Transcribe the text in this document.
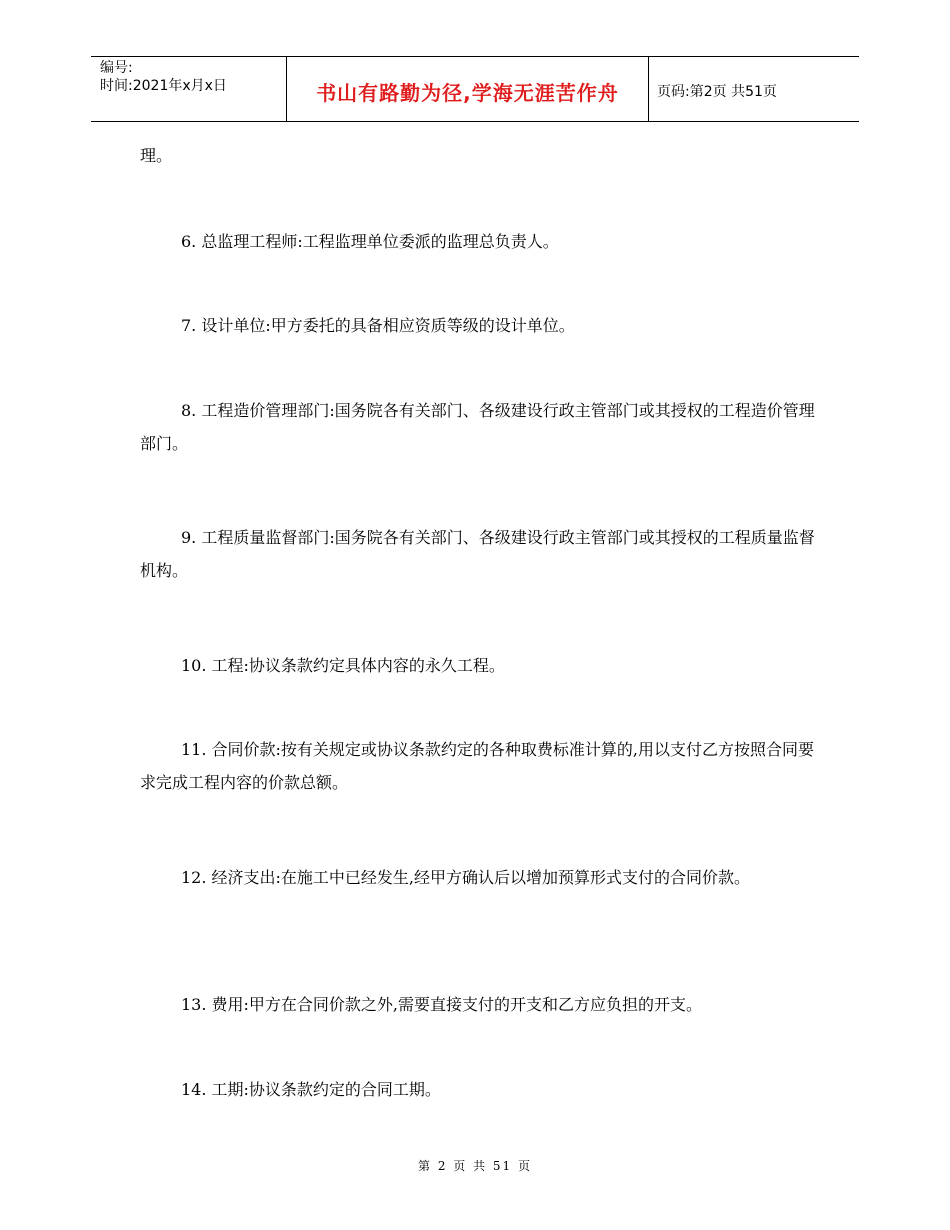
编号:
时间:2021年x月x日	书山有路勤为径,学海无涯苦作舟	页码:第2页 共51页

理。

6. 总监理工程师:工程监理单位委派的监理总负责人。

7. 设计单位:甲方委托的具备相应资质等级的设计单位。

8. 工程造价管理部门:国务院各有关部门、各级建设行政主管部门或其授权的工程造价管理部门。

9. 工程质量监督部门:国务院各有关部门、各级建设行政主管部门或其授权的工程质量监督机构。

10. 工程:协议条款约定具体内容的永久工程。

11. 合同价款:按有关规定或协议条款约定的各种取费标准计算的,用以支付乙方按照合同要求完成工程内容的价款总额。

12. 经济支出:在施工中已经发生,经甲方确认后以增加预算形式支付的合同价款。

13. 费用:甲方在合同价款之外,需要直接支付的开支和乙方应负担的开支。

14. 工期:协议条款约定的合同工期。

第 2 页 共 51 页
